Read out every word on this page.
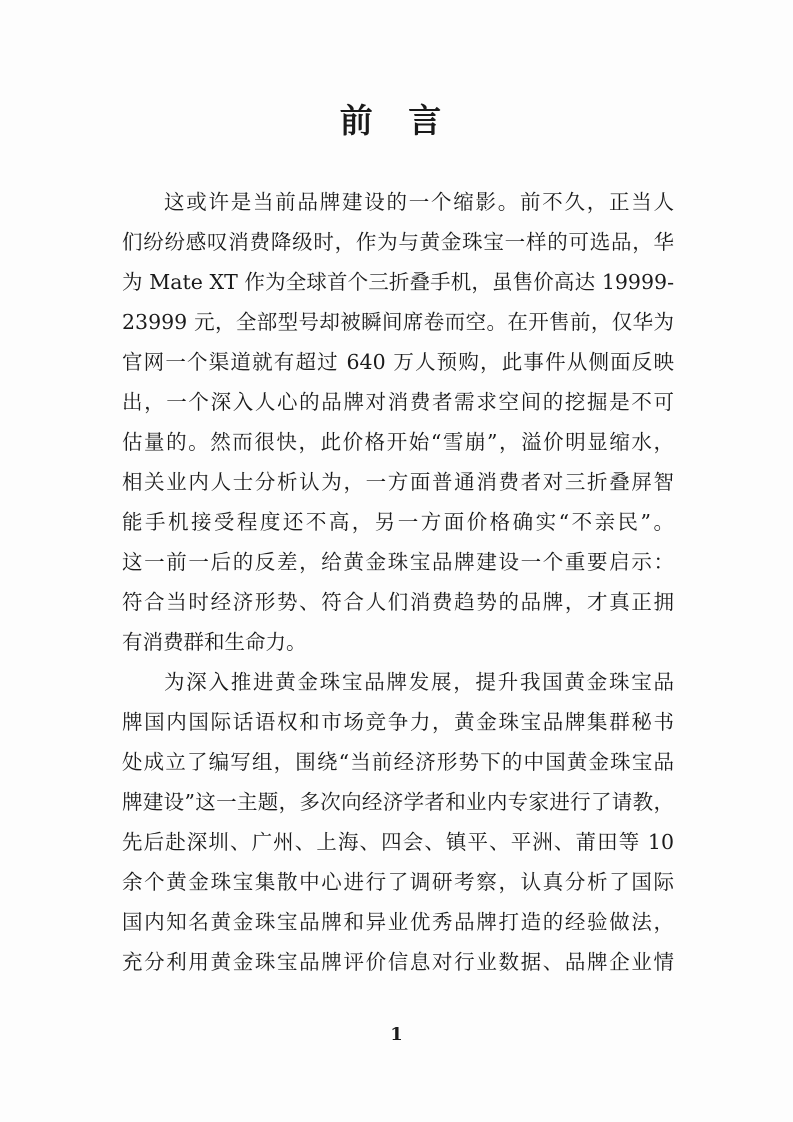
前 言
这或许是当前品牌建设的一个缩影。前不久，正当人
们纷纷感叹消费降级时，作为与黄金珠宝一样的可选品，华
为 Mate XT 作为全球首个三折叠手机，虽售价高达 19999-
23999 元，全部型号却被瞬间席卷而空。在开售前，仅华为
官网一个渠道就有超过 640 万人预购，此事件从侧面反映
出，一个深入人心的品牌对消费者需求空间的挖掘是不可
估量的。然而很快，此价格开始“雪崩”，溢价明显缩水，
相关业内人士分析认为，一方面普通消费者对三折叠屏智
能手机接受程度还不高，另一方面价格确实“不亲民”。
这一前一后的反差，给黄金珠宝品牌建设一个重要启示：
符合当时经济形势、符合人们消费趋势的品牌，才真正拥
有消费群和生命力。
为深入推进黄金珠宝品牌发展，提升我国黄金珠宝品
牌国内国际话语权和市场竞争力，黄金珠宝品牌集群秘书
处成立了编写组，围绕“当前经济形势下的中国黄金珠宝品
牌建设”这一主题，多次向经济学者和业内专家进行了请教，
先后赴深圳、广州、上海、四会、镇平、平洲、莆田等 10
余个黄金珠宝集散中心进行了调研考察，认真分析了国际
国内知名黄金珠宝品牌和异业优秀品牌打造的经验做法，
充分利用黄金珠宝品牌评价信息对行业数据、品牌企业情
1
